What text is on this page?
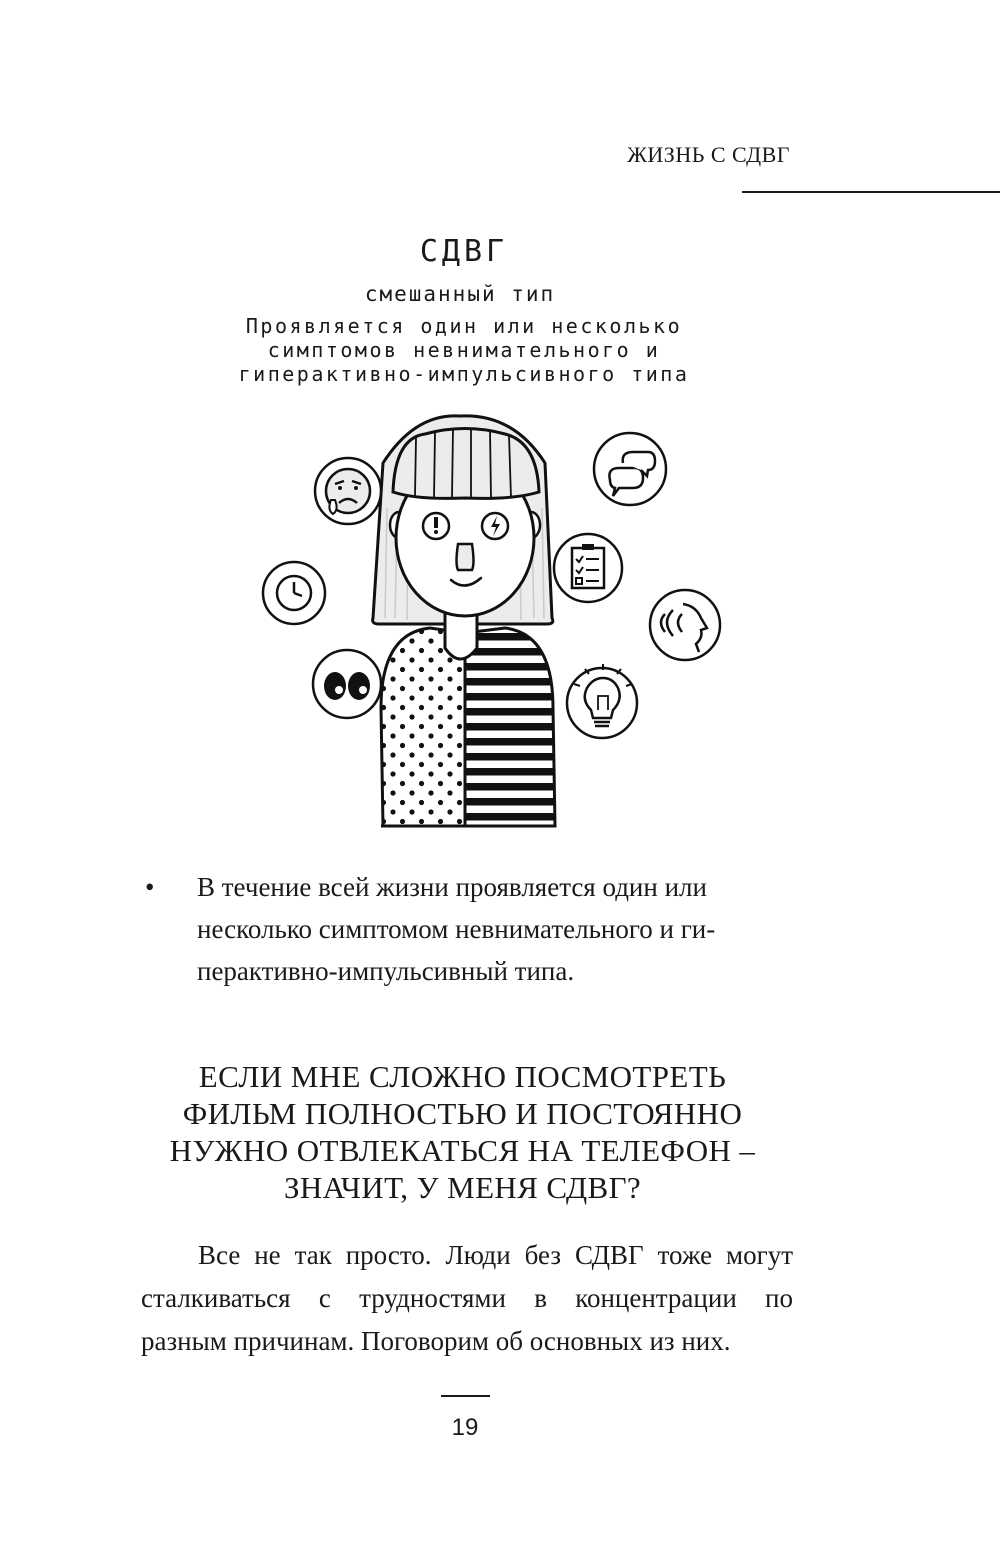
ЖИЗНЬ С СДВГ
СДВГ
смешанный тип
Проявляется один или несколько
симптомов невнимательного и
гиперактивно-импульсивного типа
• В течение всей жизни проявляется один или
несколько симптомом невнимательного и ги-
перактивно-импульсивный типа.
ЕСЛИ МНЕ СЛОЖНО ПОСМОТРЕТЬ
ФИЛЬМ ПОЛНОСТЬЮ И ПОСТОЯННО
НУЖНО ОТВЛЕКАТЬСЯ НА ТЕЛЕФОН –
ЗНАЧИТ, У МЕНЯ СДВГ?
Все не так просто. Люди без СДВГ тоже могут
сталкиваться с трудностями в концентрации по
разным причинам. Поговорим об основных из них.
19
